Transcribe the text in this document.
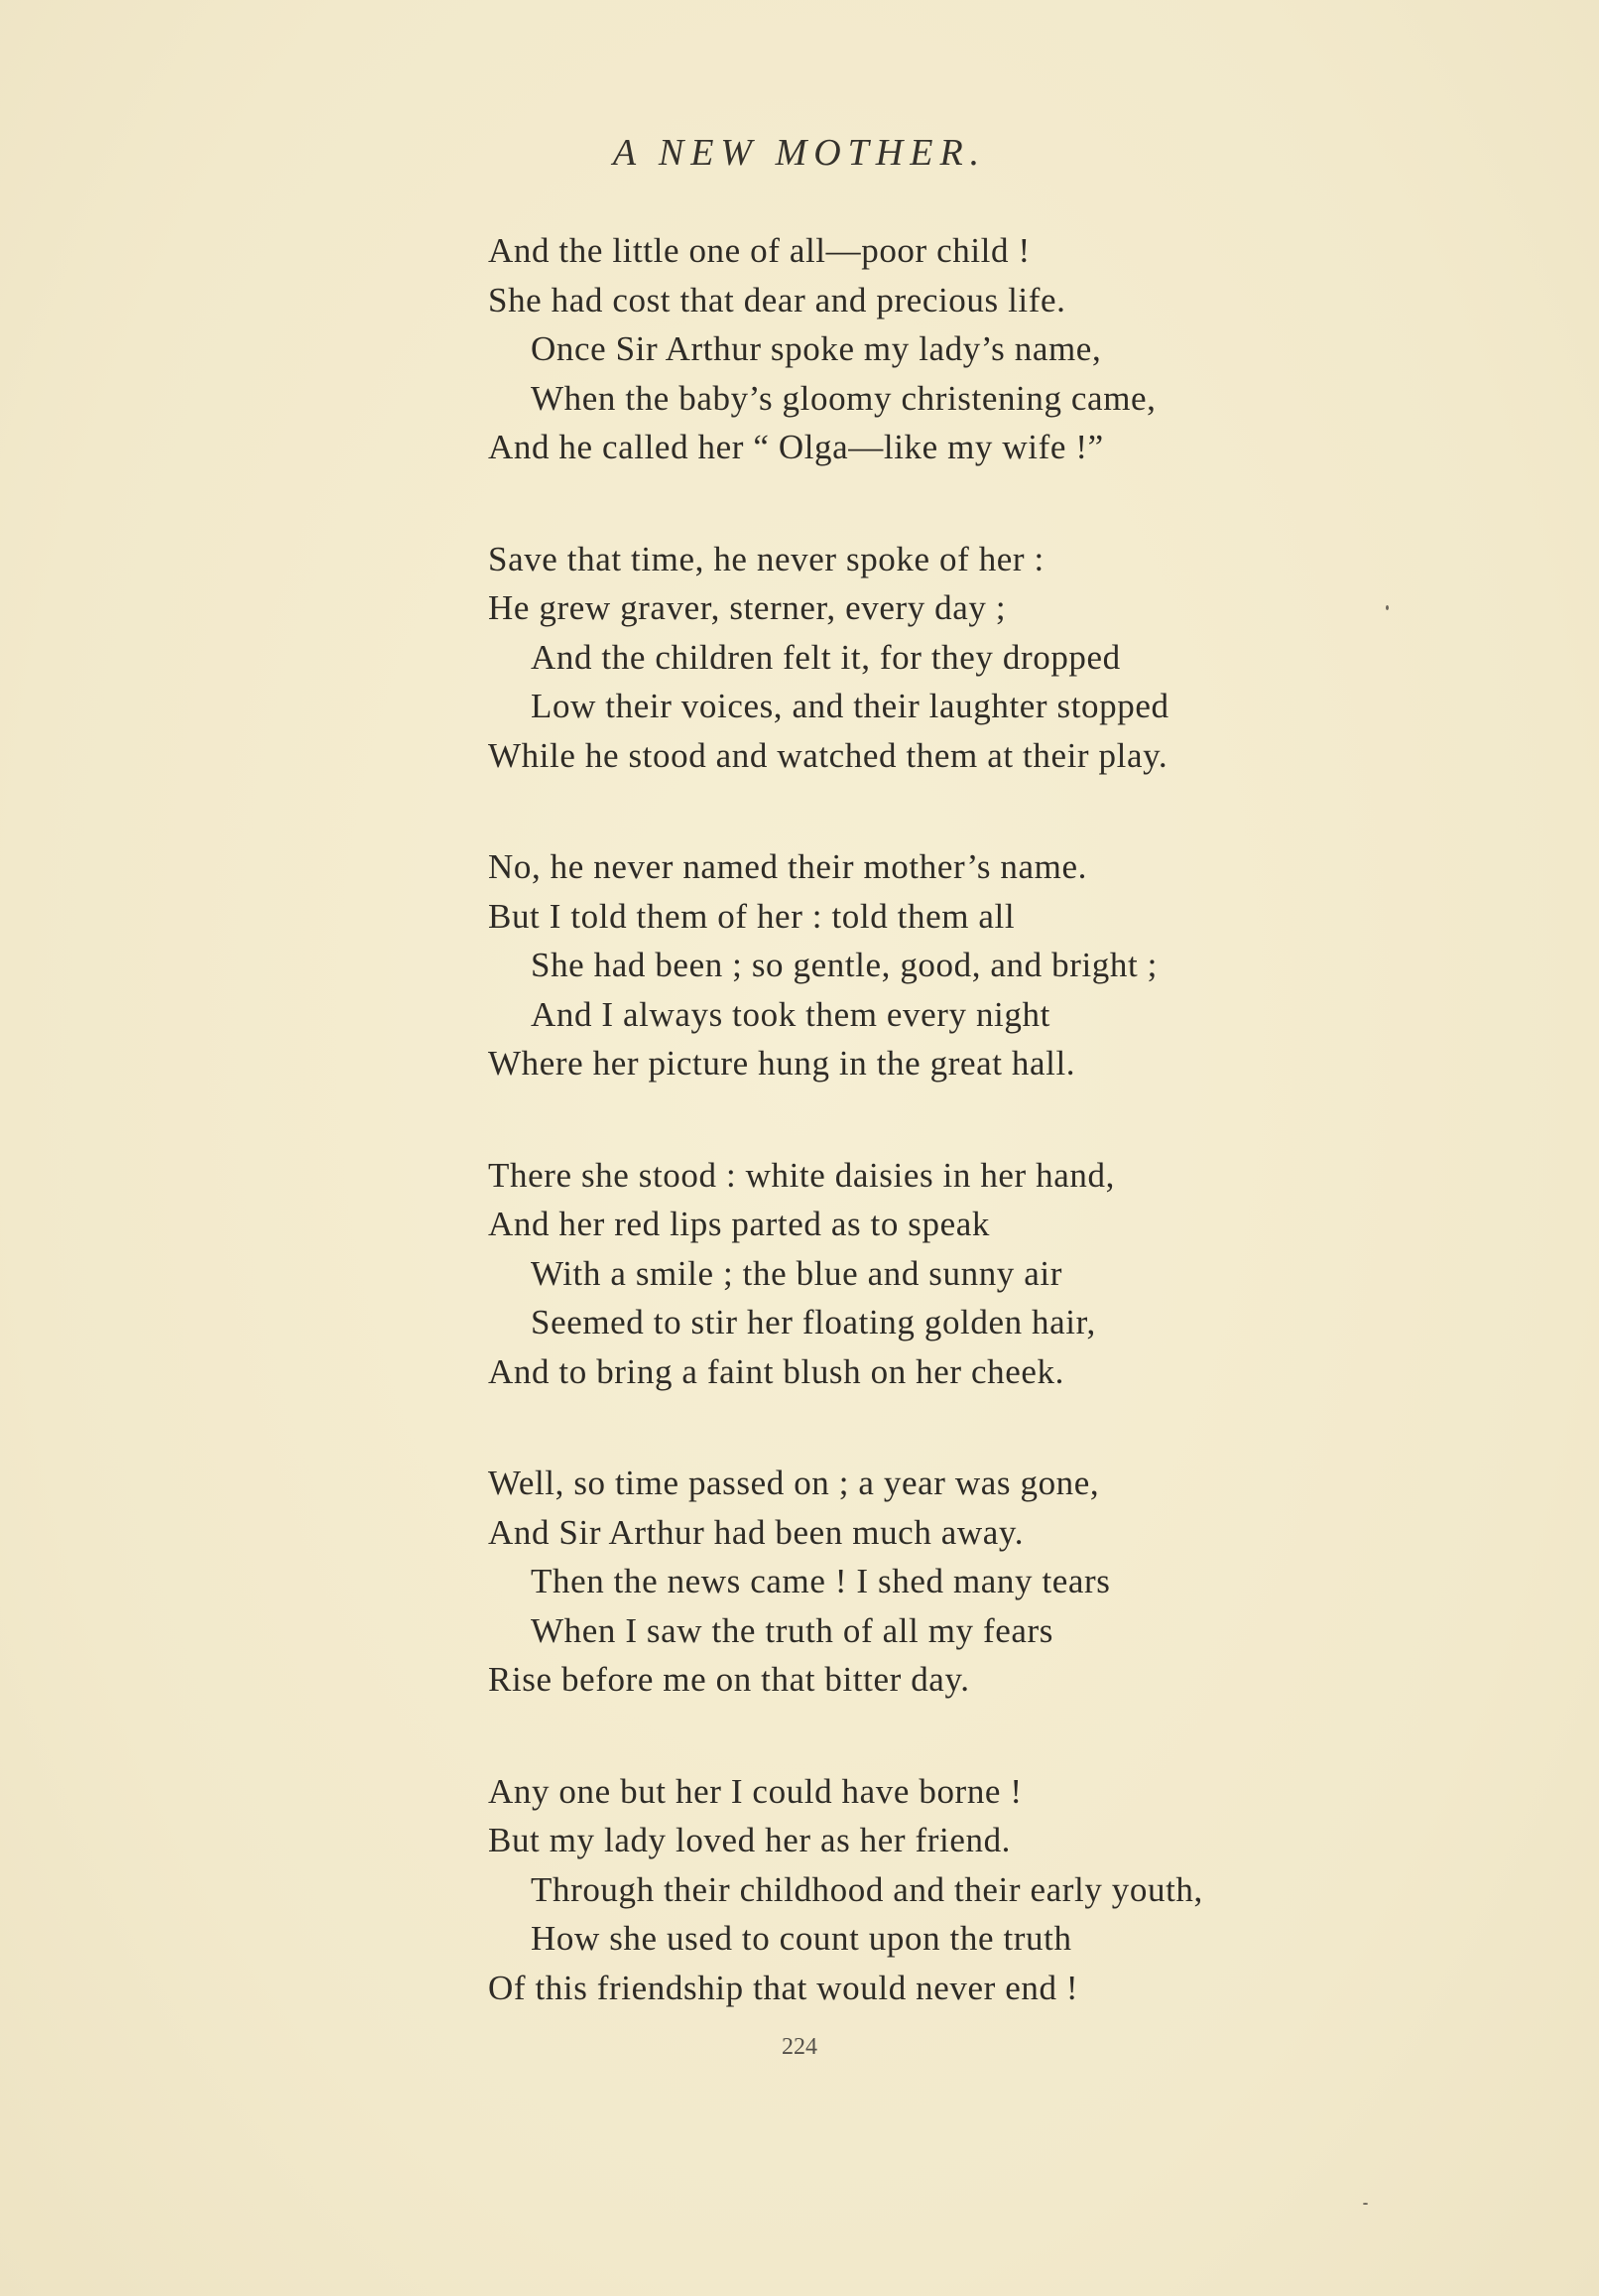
A NEW MOTHER.
And the little one of all—poor child !
She had cost that dear and precious life.
Once Sir Arthur spoke my lady’s name,
When the baby’s gloomy christening came,
And he called her “ Olga—like my wife !”
Save that time, he never spoke of her :
He grew graver, sterner, every day ;
And the children felt it, for they dropped
Low their voices, and their laughter stopped
While he stood and watched them at their play.
No, he never named their mother’s name.
But I told them of her : told them all
She had been ; so gentle, good, and bright ;
And I always took them every night
Where her picture hung in the great hall.
There she stood : white daisies in her hand,
And her red lips parted as to speak
With a smile ; the blue and sunny air
Seemed to stir her floating golden hair,
And to bring a faint blush on her cheek.
Well, so time passed on ; a year was gone,
And Sir Arthur had been much away.
Then the news came ! I shed many tears
When I saw the truth of all my fears
Rise before me on that bitter day.
Any one but her I could have borne !
But my lady loved her as her friend.
Through their childhood and their early youth,
How she used to count upon the truth
Of this friendship that would never end !
224
